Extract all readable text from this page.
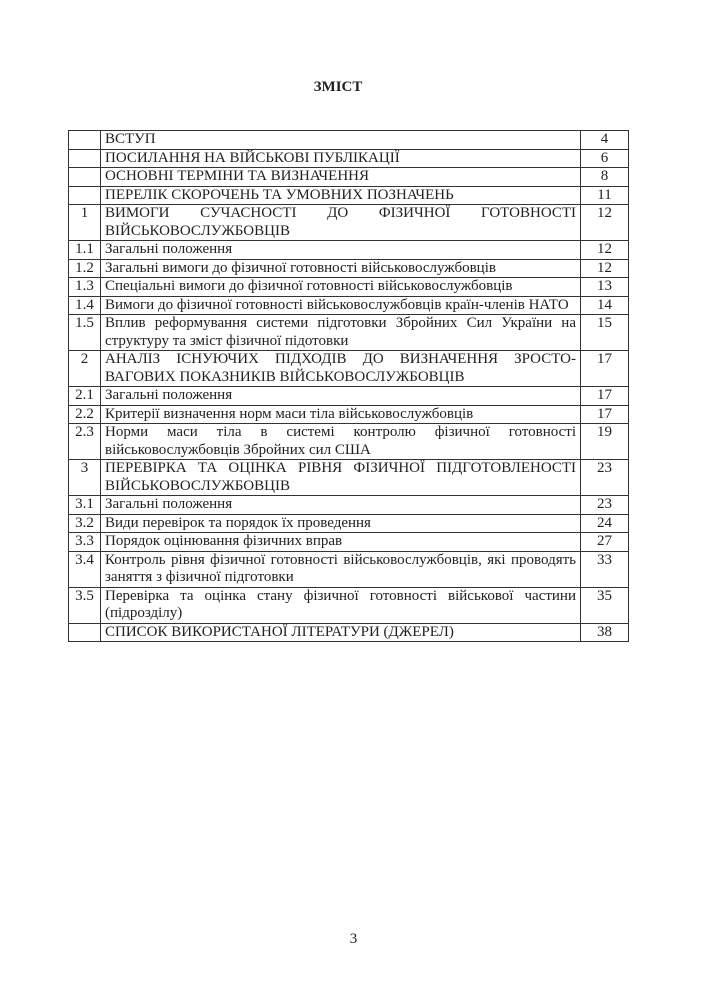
ЗМІСТ
	ВСТУП	4
	ПОСИЛАННЯ НА ВІЙСЬКОВІ ПУБЛІКАЦІЇ	6
	ОСНОВНІ ТЕРМІНИ ТА ВИЗНАЧЕННЯ	8
	ПЕРЕЛІК СКОРОЧЕНЬ ТА УМОВНИХ ПОЗНАЧЕНЬ	11
1	ВИМОГИ СУЧАСНОСТІ ДО ФІЗИЧНОЇ ГОТОВНОСТІ ВІЙСЬКОВОСЛУЖБОВЦІВ	12
1.1	Загальні положення	12
1.2	Загальні вимоги до фізичної готовності військовослужбовців	12
1.3	Спеціальні вимоги до фізичної готовності військовослужбовців	13
1.4	Вимоги до фізичної готовності військовослужбовців країн-членів НАТО	14
1.5	Вплив реформування системи підготовки Збройних Сил України на структуру та зміст фізичної підотовки	15
2	АНАЛІЗ ІСНУЮЧИХ ПІДХОДІВ ДО ВИЗНАЧЕННЯ ЗРОСТО-ВАГОВИХ ПОКАЗНИКІВ ВІЙСЬКОВОСЛУЖБОВЦІВ	17
2.1	Загальні положення	17
2.2	Критерії визначення норм маси тіла військовослужбовців	17
2.3	Норми маси тіла в системі контролю фізичної готовності військовослужбовців Збройних сил США	19
3	ПЕРЕВІРКА ТА ОЦІНКА РІВНЯ ФІЗИЧНОЇ ПІДГОТОВЛЕНОСТІ ВІЙСЬКОВОСЛУЖБОВЦІВ	23
3.1	Загальні положення	23
3.2	Види перевірок та порядок їх проведення	24
3.3	Порядок оцінювання фізичних вправ	27
3.4	Контроль рівня фізичної готовності військовослужбовців, які проводять заняття з фізичної підготовки	33
3.5	Перевірка та оцінка стану фізичної готовності військової частини (підрозділу)	35
	СПИСОК ВИКОРИСТАНОЇ ЛІТЕРАТУРИ (ДЖЕРЕЛ)	38
3
